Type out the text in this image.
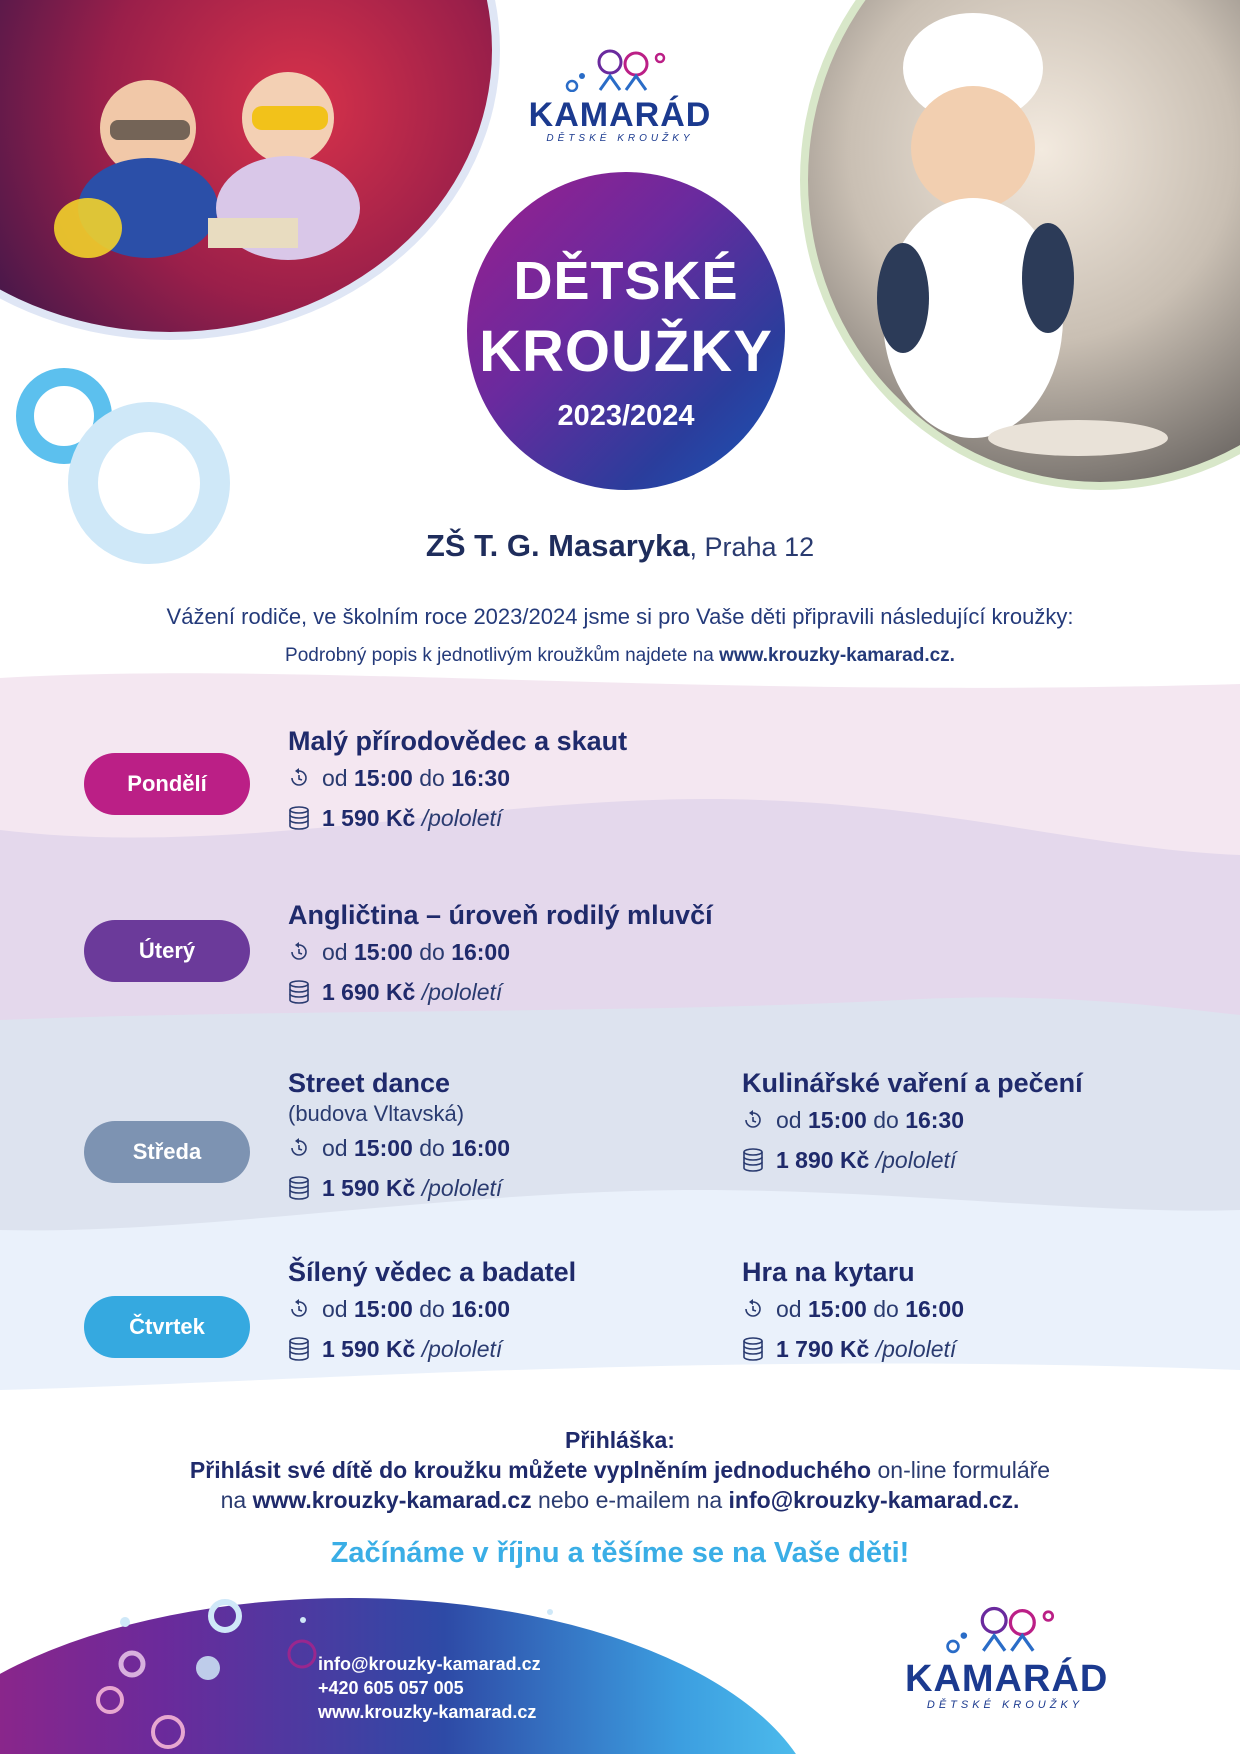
KAMARÁD
DĚTSKÉ KROUŽKY
DĚTSKÉ
KROUŽKY
2023/2024
ZŠ T. G. Masaryka, Praha 12
Vážení rodiče, ve školním roce 2023/2024 jsme si pro Vaše děti připravili následující kroužky:
Podrobný popis k jednotlivým kroužkům najdete na www.krouzky-kamarad.cz.
Pondělí
Úterý
Středa
Čtvrtek
Malý přírodovědec a skaut
od
15:00
do
16:30
1 590 Kč
/pololetí
Angličtina – úroveň rodilý mluvčí
od
15:00
do
16:00
1 690 Kč
/pololetí
Street dance
(budova Vltavská)
od
15:00
do
16:00
1 590 Kč
/pololetí
Kulinářské vaření a pečení
od
15:00
do
16:30
1 890 Kč
/pololetí
Šílený vědec a badatel
od
15:00
do
16:00
1 590 Kč
/pololetí
Hra na kytaru
od
15:00
do
16:00
1 790 Kč
/pololetí
Přihláška:
Přihlásit své dítě do kroužku můžete vyplněním jednoduchého on-line formuláře
na www.krouzky-kamarad.cz nebo e-mailem na info@krouzky-kamarad.cz.
Začínáme v říjnu a těšíme se na Vaše děti!
info@krouzky-kamarad.cz
+420 605 057 005
www.krouzky-kamarad.cz
KAMARÁD
DĚTSKÉ KROUŽKY
